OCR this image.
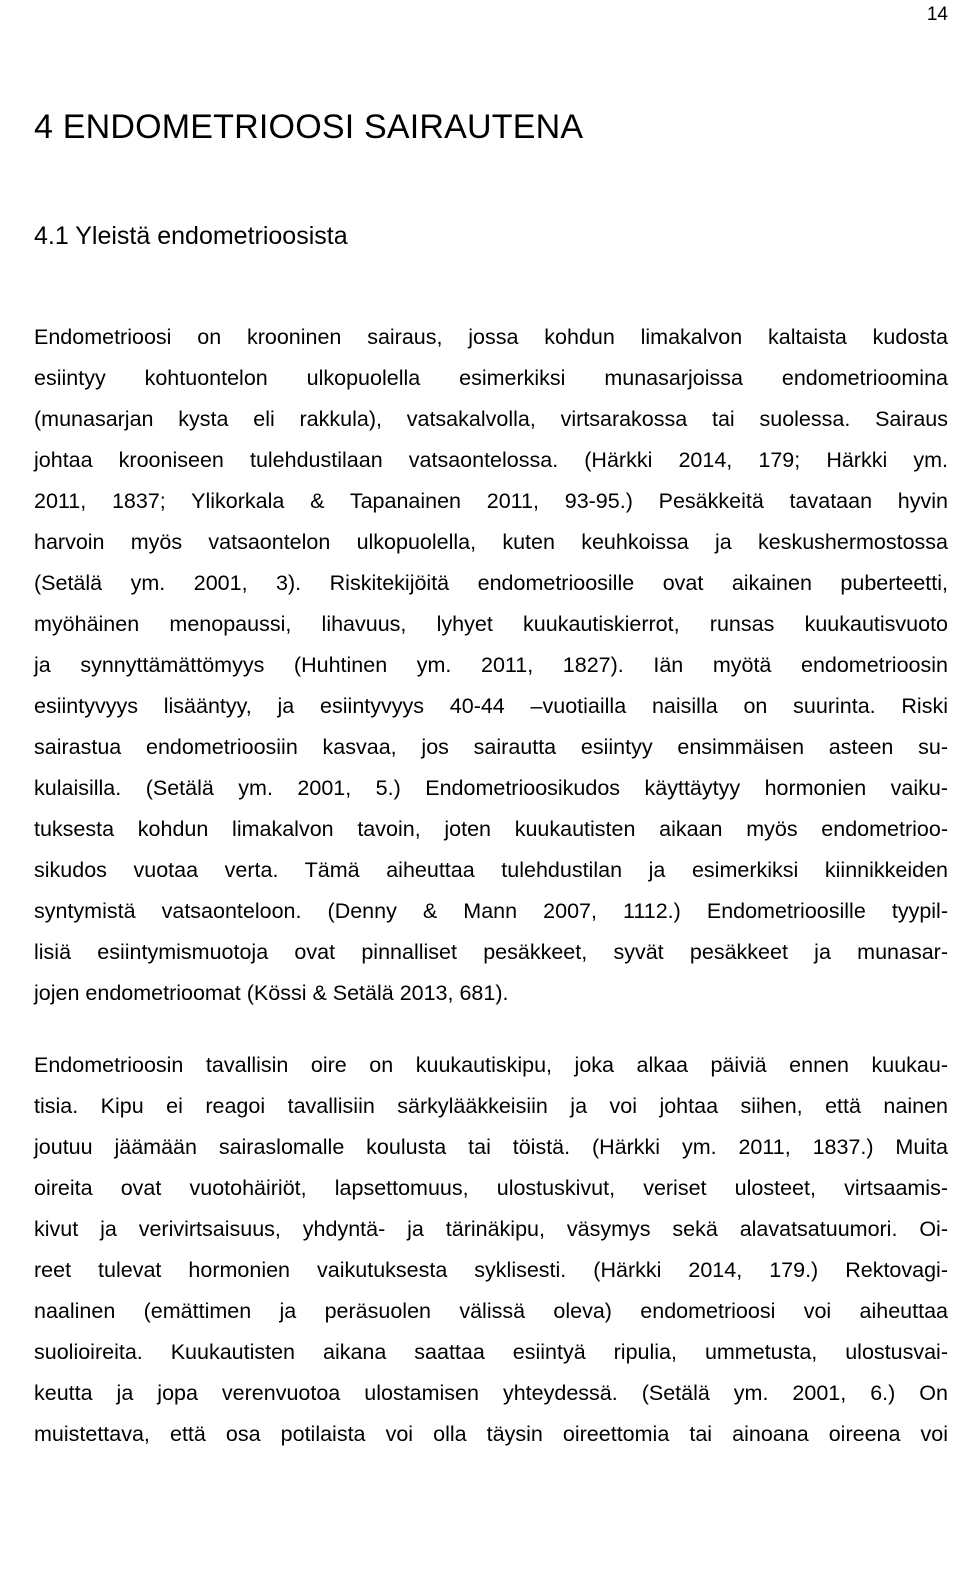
14
4 ENDOMETRIOOSI SAIRAUTENA
4.1 Yleistä endometrioosista
Endometrioosi on krooninen sairaus, jossa kohdun limakalvon kaltaista kudosta
esiintyy kohtuontelon ulkopuolella esimerkiksi munasarjoissa endometrioomina
(munasarjan kysta eli rakkula), vatsakalvolla, virtsarakossa tai suolessa. Sairaus
johtaa krooniseen tulehdustilaan vatsaontelossa. (Härkki 2014, 179; Härkki ym.
2011, 1837; Ylikorkala & Tapanainen 2011, 93-95.) Pesäkkeitä tavataan hyvin
harvoin myös vatsaontelon ulkopuolella, kuten keuhkoissa ja keskushermostossa
(Setälä ym. 2001, 3). Riskitekijöitä endometrioosille ovat aikainen puberteetti,
myöhäinen menopaussi, lihavuus, lyhyet kuukautiskierrot, runsas kuukautisvuoto
ja synnyttämättömyys (Huhtinen ym. 2011, 1827). Iän myötä endometrioosin
esiintyvyys lisääntyy, ja esiintyvyys 40-44 –vuotiailla naisilla on suurinta. Riski
sairastua endometrioosiin kasvaa, jos sairautta esiintyy ensimmäisen asteen su-
kulaisilla. (Setälä ym. 2001, 5.) Endometrioosikudos käyttäytyy hormonien vaiku-
tuksesta kohdun limakalvon tavoin, joten kuukautisten aikaan myös endometrioo-
sikudos vuotaa verta. Tämä aiheuttaa tulehdustilan ja esimerkiksi kiinnikkeiden
syntymistä vatsaonteloon. (Denny & Mann 2007, 1112.) Endometrioosille tyypil-
lisiä esiintymismuotoja ovat pinnalliset pesäkkeet, syvät pesäkkeet ja munasar-
jojen endometrioomat (Kössi & Setälä 2013, 681).
Endometrioosin tavallisin oire on kuukautiskipu, joka alkaa päiviä ennen kuukau-
tisia. Kipu ei reagoi tavallisiin särkylääkkeisiin ja voi johtaa siihen, että nainen
joutuu jäämään sairaslomalle koulusta tai töistä. (Härkki ym. 2011, 1837.) Muita
oireita ovat vuotohäiriöt, lapsettomuus, ulostuskivut, veriset ulosteet, virtsaamis-
kivut ja verivirtsaisuus, yhdyntä- ja tärinäkipu, väsymys sekä alavatsatuumori. Oi-
reet tulevat hormonien vaikutuksesta syklisesti. (Härkki 2014, 179.) Rektovagi-
naalinen (emättimen ja peräsuolen välissä oleva) endometrioosi voi aiheuttaa
suolioireita. Kuukautisten aikana saattaa esiintyä ripulia, ummetusta, ulostusvai-
keutta ja jopa verenvuotoa ulostamisen yhteydessä. (Setälä ym. 2001, 6.) On
muistettava, että osa potilaista voi olla täysin oireettomia tai ainoana oireena voi
